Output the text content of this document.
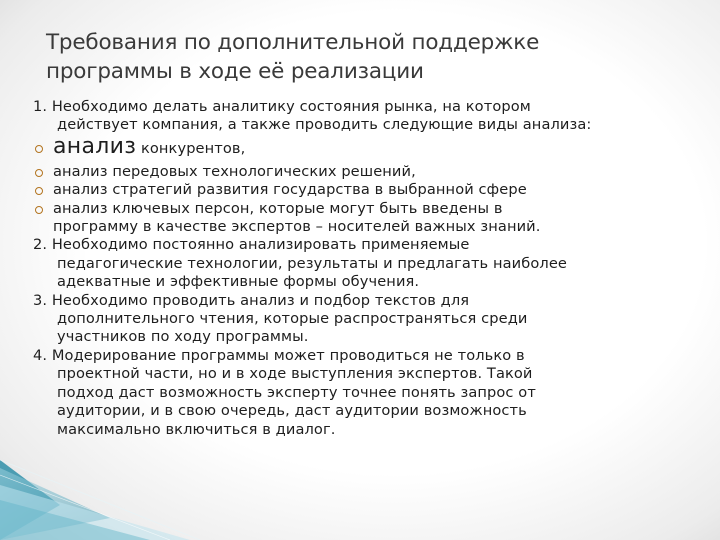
Требования по дополнительной поддержке
программы в ходе её реализации
1. Необходимо делать аналитику состояния рынка, на котором
действует компания, а также проводить следующие виды анализа:
анализ конкурентов,
анализ передовых технологических решений,
анализ стратегий развития государства в выбранной сфере
анализ ключевых персон, которые могут быть введены в
программу в качестве экспертов – носителей важных знаний.
2. Необходимо постоянно анализировать применяемые
педагогические технологии, результаты и предлагать наиболее
адекватные и эффективные формы обучения.
3. Необходимо проводить анализ и подбор текстов для
дополнительного чтения, которые распространяться среди
участников по ходу программы.
4. Модерирование программы может проводиться не только в
проектной части, но и в ходе выступления экспертов. Такой
подход даст возможность эксперту точнее понять запрос от
аудитории, и в свою очередь, даст аудитории возможность
максимально включиться в диалог.
